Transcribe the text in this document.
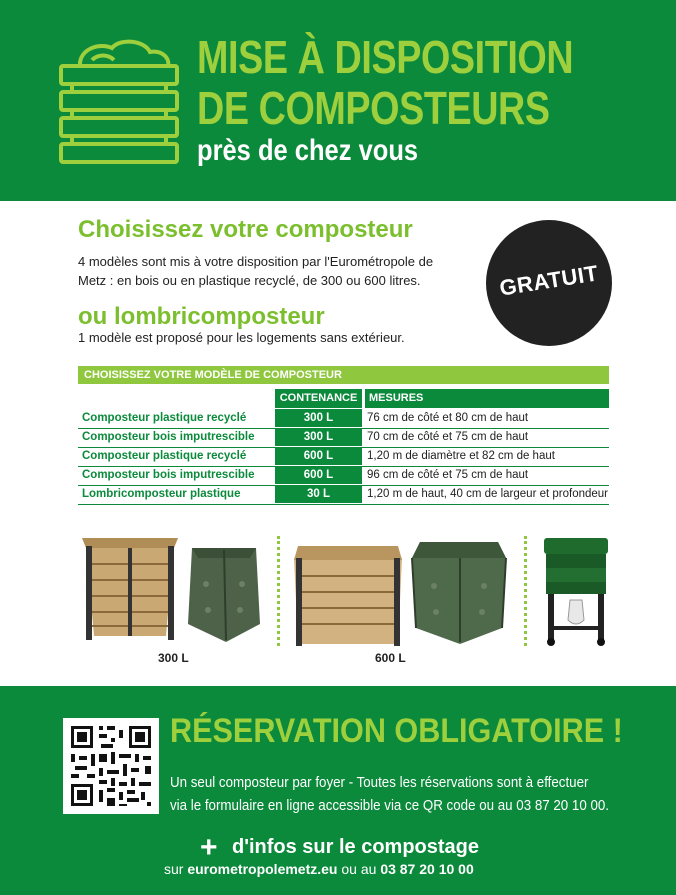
MISE À DISPOSITION
DE COMPOSTEURS
près de chez vous
Choisissez votre composteur
4 modèles sont mis à votre disposition par l'Eurométropole de
Metz : en bois ou en plastique recyclé, de 300 ou 600 litres.
ou lombricomposteur
1 modèle est proposé pour les logements sans extérieur.
GRATUIT
CHOISISSEZ VOTRE MODÈLE DE COMPOSTEUR
CONTENANCE	MESURES
Composteur plastique recyclé	300 L	76 cm de côté et 80 cm de haut
Composteur bois imputrescible	300 L	70 cm de côté et 75 cm de haut
Composteur plastique recyclé	600 L	1,20 m de diamètre et 82 cm de haut
Composteur bois imputrescible	600 L	96 cm de côté et 75 cm de haut
Lombricomposteur plastique	30 L	1,20 m de haut, 40 cm de largeur et profondeur
300 L	600 L
RÉSERVATION OBLIGATOIRE !
Un seul composteur par foyer - Toutes les réservations sont à effectuer
via le formulaire en ligne accessible via ce QR code ou au 03 87 20 10 00.
+ d'infos sur le compostage
sur eurometropolemetz.eu ou au 03 87 20 10 00
